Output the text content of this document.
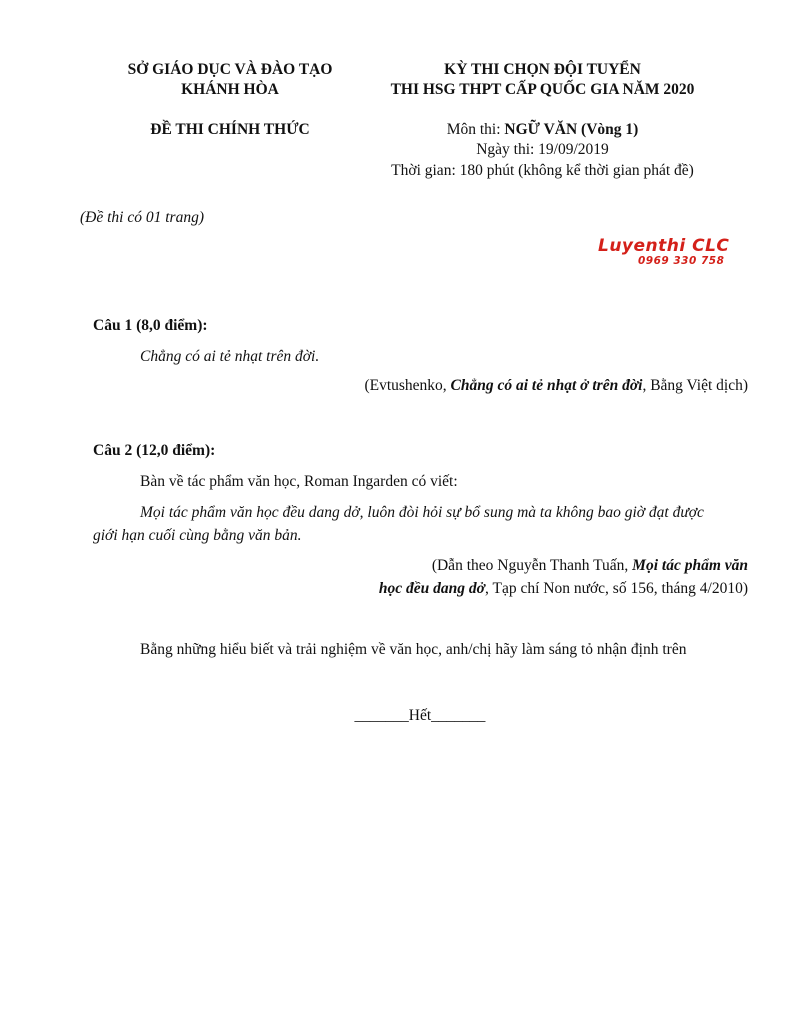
SỞ GIÁO DỤC VÀ ĐÀO TẠO
KHÁNH HÒA
ĐỀ THI CHÍNH THỨC
KỲ THI CHỌN ĐỘI TUYỂN
THI HSG THPT CẤP QUỐC GIA NĂM 2020
Môn thi: NGỮ VĂN (Vòng 1)
Ngày thi: 19/09/2019
Thời gian: 180 phút (không kể thời gian phát đề)
(Đề thi có 01 trang)
Luyenthi CLC
0969 330 758
Câu 1 (8,0 điểm):
Chẳng có ai tẻ nhạt trên đời.
(Evtushenko, Chẳng có ai tẻ nhạt ở trên đời, Bằng Việt dịch)
Câu 2 (12,0 điểm):
Bàn về tác phẩm văn học, Roman Ingarden có viết:
Mọi tác phẩm văn học đều dang dở, luôn đòi hỏi sự bổ sung mà ta không bao giờ đạt được
giới hạn cuối cùng bằng văn bản.
(Dẫn theo Nguyễn Thanh Tuấn, Mọi tác phẩm văn
học đều dang dở, Tạp chí Non nước, số 156, tháng 4/2010)
Bằng những hiểu biết và trải nghiệm về văn học, anh/chị hãy làm sáng tỏ nhận định trên
_______Hết_______
